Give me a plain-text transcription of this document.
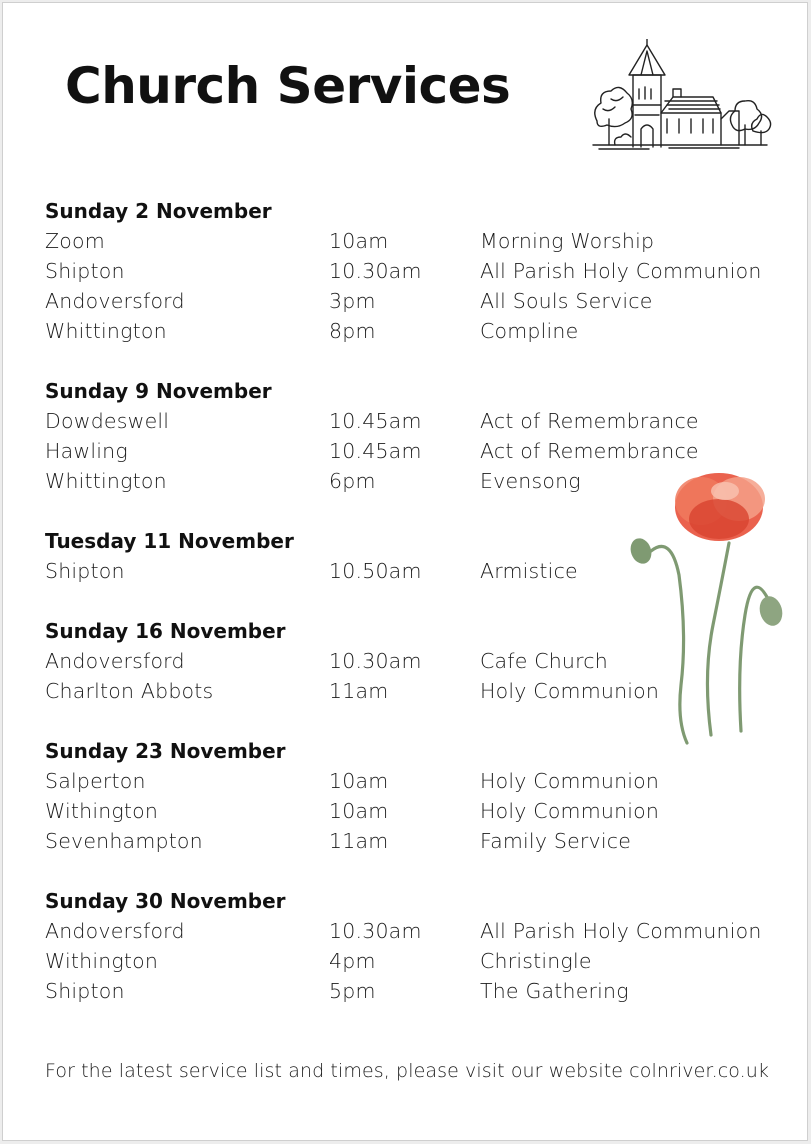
Church Services
Sunday 2 November
Zoom	10am	Morning Worship
Shipton	10.30am	All Parish Holy Communion
Andoversford	3pm	All Souls Service
Whittington	8pm	Compline
Sunday 9 November
Dowdeswell	10.45am	Act of Remembrance
Hawling	10.45am	Act of Remembrance
Whittington	6pm	Evensong
Tuesday 11 November
Shipton	10.50am	Armistice
Sunday 16 November
Andoversford	10.30am	Cafe Church
Charlton Abbots	11am	Holy Communion
Sunday 23 November
Salperton	10am	Holy Communion
Withington	10am	Holy Communion
Sevenhampton	11am	Family Service
Sunday 30 November
Andoversford	10.30am	All Parish Holy Communion
Withington	4pm	Christingle
Shipton	5pm	The Gathering

For the latest service list and times, please visit our website colnriver.co.uk
